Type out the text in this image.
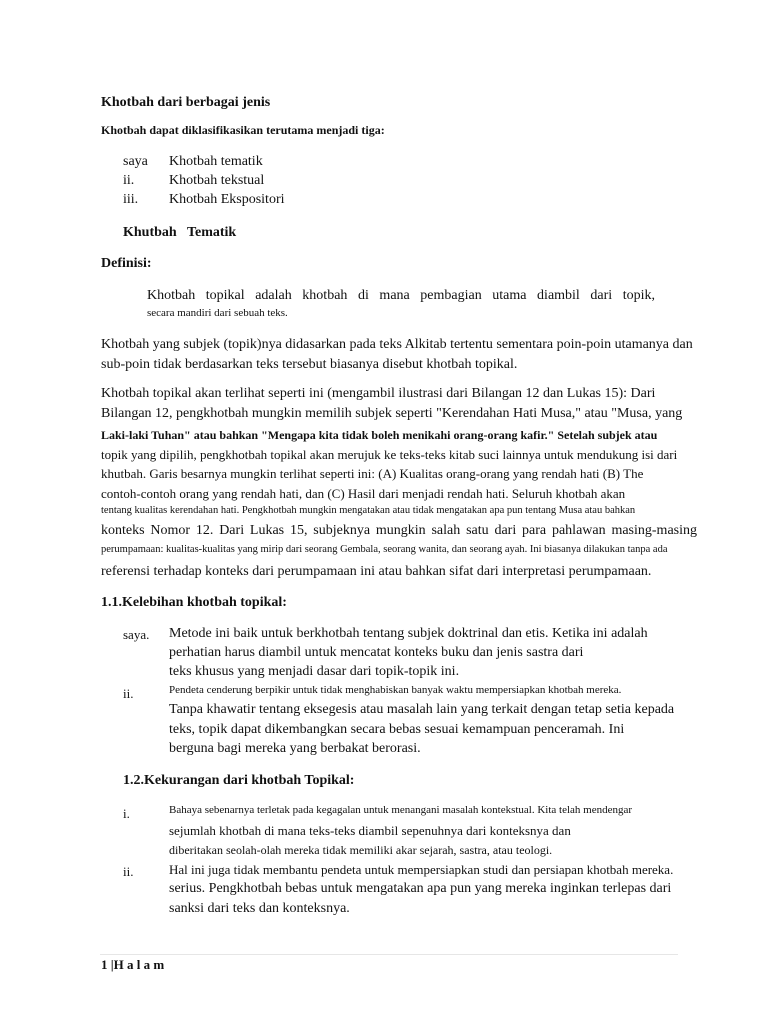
Khotbah dari berbagai jenis
Khotbah dapat diklasifikasikan terutama menjadi tiga:
saya Khotbah tematik
ii. Khotbah tekstual
iii. Khotbah Ekspositori
Khutbah   Tematik
Definisi:
Khotbah topikal adalah khotbah di mana pembagian utama diambil dari topik,
secara mandiri dari sebuah teks.
Khotbah yang subjek (topik)nya didasarkan pada teks Alkitab tertentu sementara poin-poin utamanya dan
sub-poin tidak berdasarkan teks tersebut biasanya disebut khotbah topikal.
Khotbah topikal akan terlihat seperti ini (mengambil ilustrasi dari Bilangan 12 dan Lukas 15): Dari
Bilangan 12, pengkhotbah mungkin memilih subjek seperti "Kerendahan Hati Musa," atau "Musa, yang
Laki-laki Tuhan" atau bahkan "Mengapa kita tidak boleh menikahi orang-orang kafir." Setelah subjek atau
topik yang dipilih, pengkhotbah topikal akan merujuk ke teks-teks kitab suci lainnya untuk mendukung isi dari
khutbah. Garis besarnya mungkin terlihat seperti ini: (A) Kualitas orang-orang yang rendah hati (B) The
contoh-contoh orang yang rendah hati, dan (C) Hasil dari menjadi rendah hati. Seluruh khotbah akan
tentang kualitas kerendahan hati. Pengkhotbah mungkin mengatakan atau tidak mengatakan apa pun tentang Musa atau bahkan
konteks Nomor 12. Dari Lukas 15, subjeknya mungkin salah satu dari para pahlawan masing-masing
perumpamaan: kualitas-kualitas yang mirip dari seorang Gembala, seorang wanita, dan seorang ayah. Ini biasanya dilakukan tanpa ada
referensi terhadap konteks dari perumpamaan ini atau bahkan sifat dari interpretasi perumpamaan.
1.1.Kelebihan khotbah topikal:
saya. Metode ini baik untuk berkhotbah tentang subjek doktrinal dan etis. Ketika ini adalah
perhatian harus diambil untuk mencatat konteks buku dan jenis sastra dari
teks khusus yang menjadi dasar dari topik-topik ini.
ii.	Pendeta cenderung berpikir untuk tidak menghabiskan banyak waktu mempersiapkan khotbah mereka.
Tanpa khawatir tentang eksegesis atau masalah lain yang terkait dengan tetap setia kepada
teks, topik dapat dikembangkan secara bebas sesuai kemampuan penceramah. Ini
berguna bagi mereka yang berbakat berorasi.
1.2.Kekurangan dari khotbah Topikal:
i.	Bahaya sebenarnya terletak pada kegagalan untuk menangani masalah kontekstual. Kita telah mendengar
sejumlah khotbah di mana teks-teks diambil sepenuhnya dari konteksnya dan
diberitakan seolah-olah mereka tidak memiliki akar sejarah, sastra, atau teologi.
ii.	Hal ini juga tidak membantu pendeta untuk mempersiapkan studi dan persiapan khotbah mereka.
serius. Pengkhotbah bebas untuk mengatakan apa pun yang mereka inginkan terlepas dari
sanksi dari teks dan konteksnya.
1 |H a l a m
